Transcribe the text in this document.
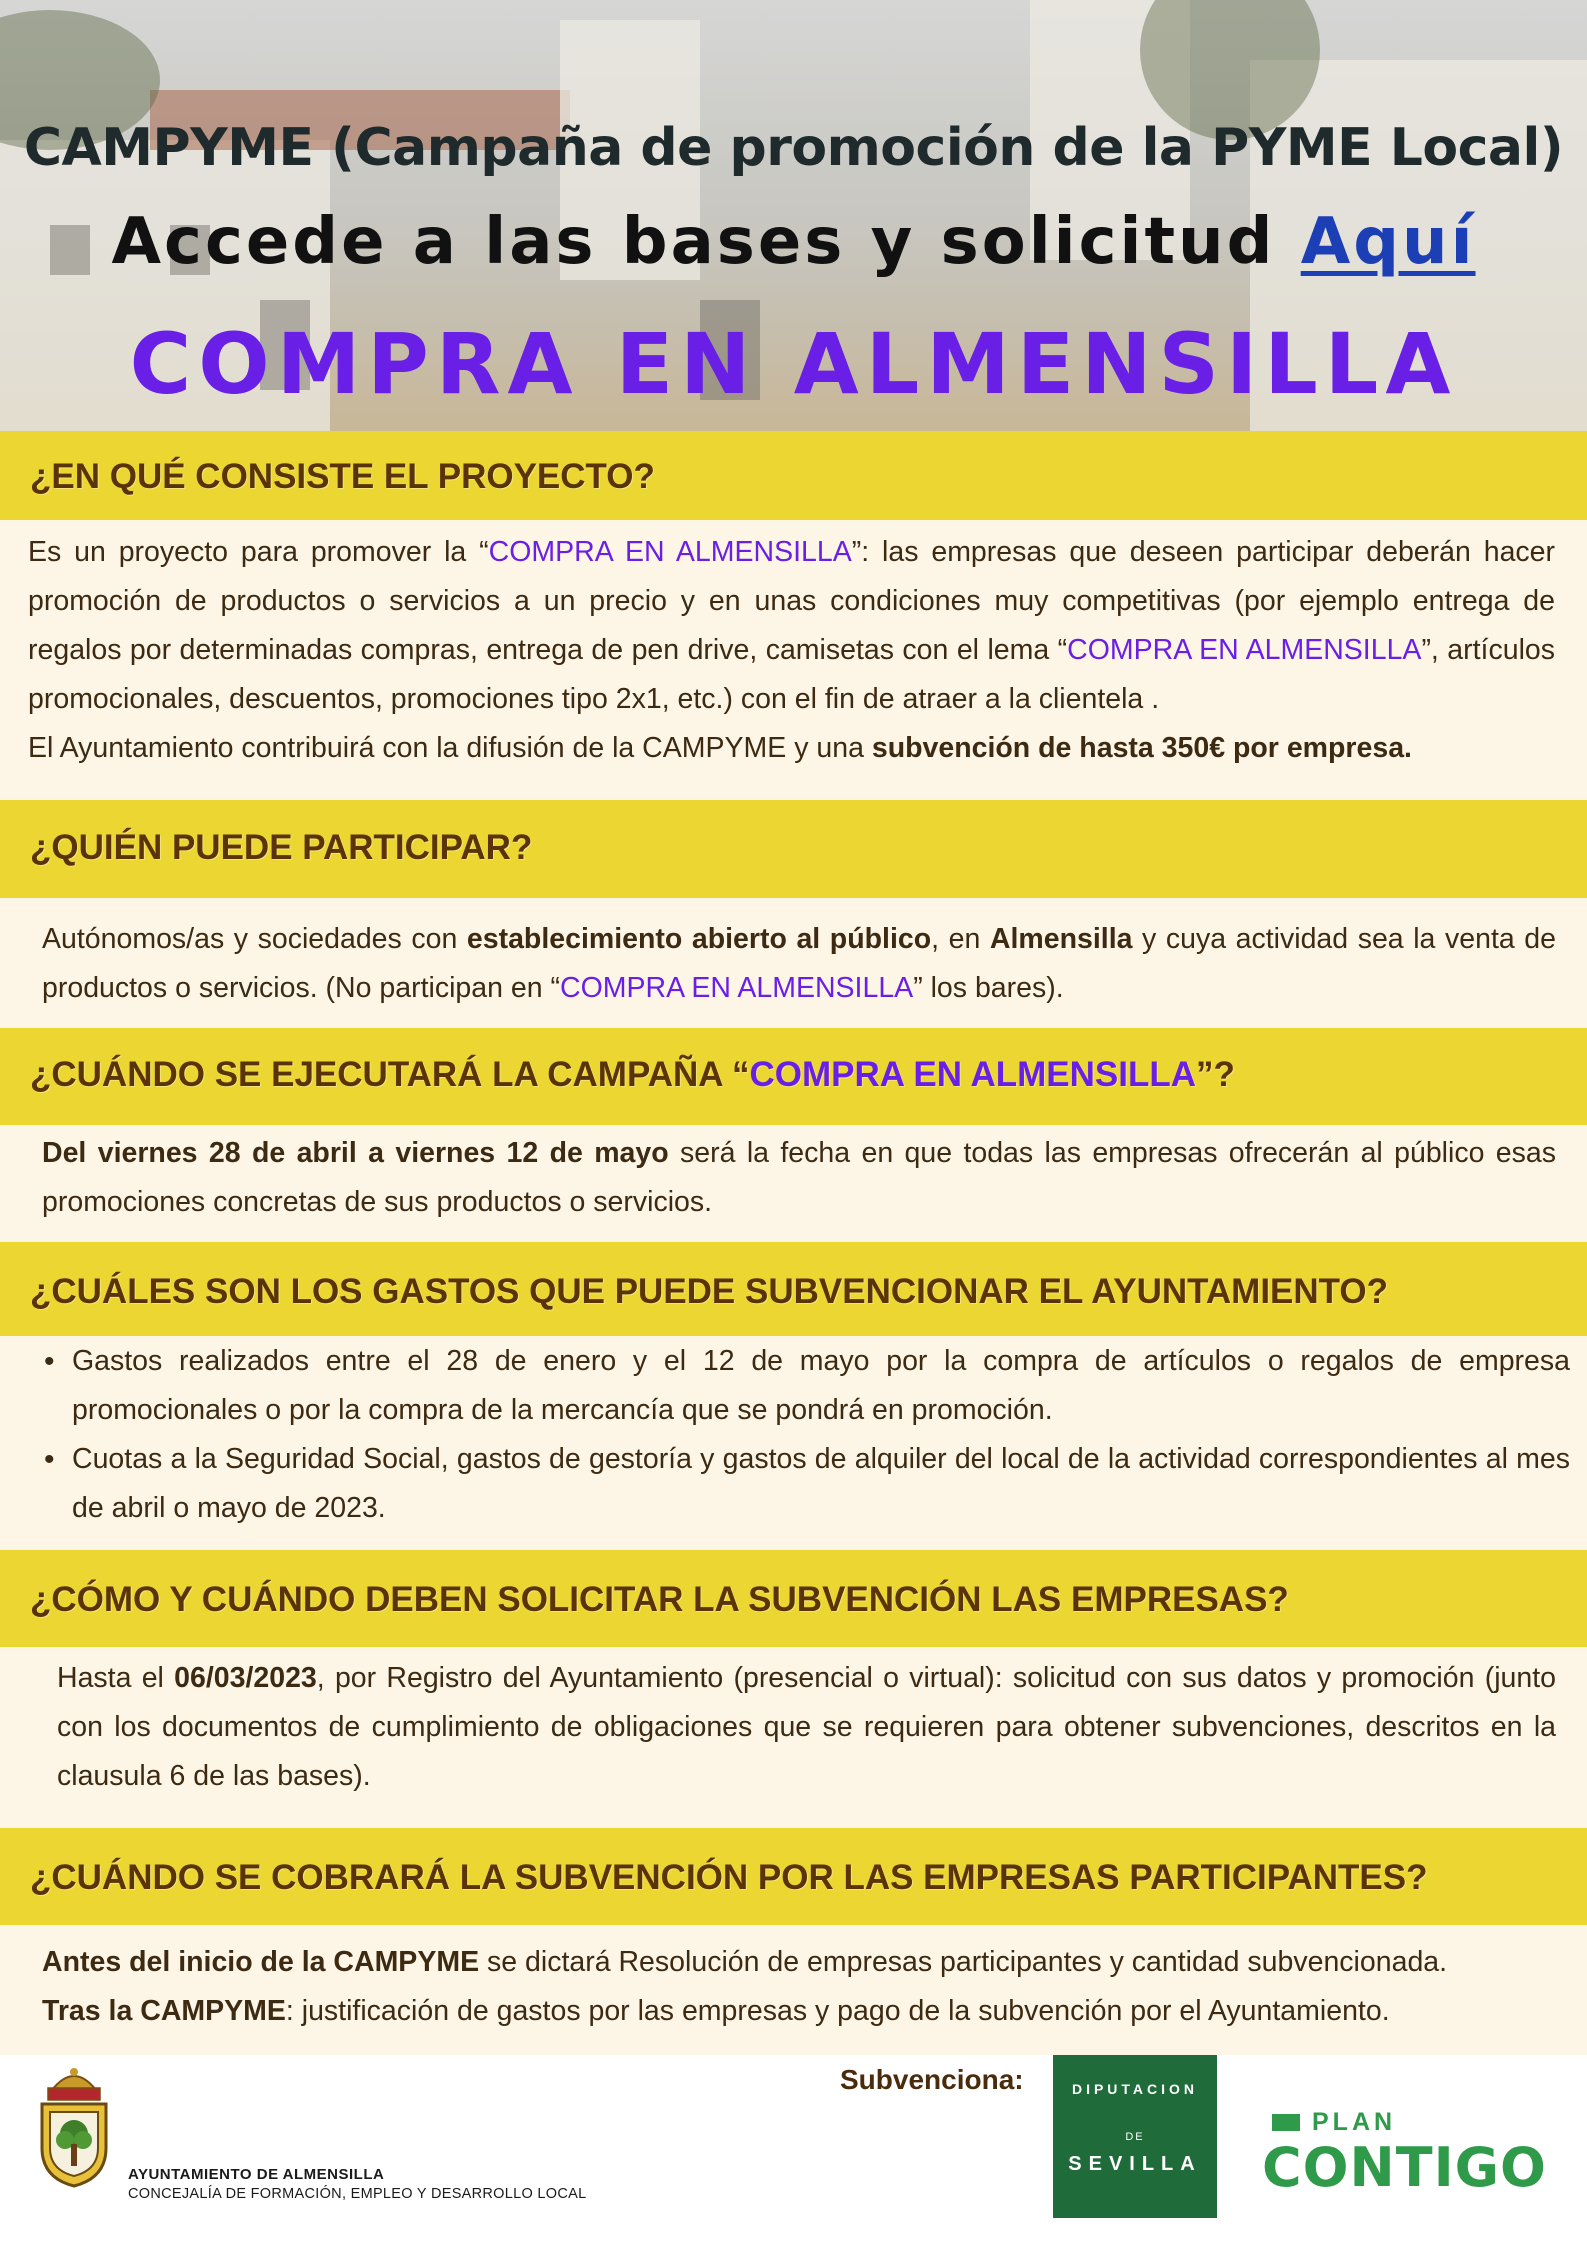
CAMPYME (Campaña de promoción de la PYME Local)
Accede a las bases y solicitud Aquí
COMPRA EN ALMENSILLA
¿EN QUÉ CONSISTE EL PROYECTO?
Es un proyecto para promover la “COMPRA EN ALMENSILLA”: las empresas que deseen participar deberán hacer promoción de productos o servicios a un precio y en unas condiciones muy competitivas (por ejemplo entrega de regalos por determinadas compras, entrega de pen drive, camisetas con el lema “COMPRA EN ALMENSILLA”, artículos promocionales, descuentos, promociones tipo 2x1, etc.) con el fin de atraer a la clientela .
El Ayuntamiento contribuirá con la difusión de la CAMPYME y una subvención de hasta 350€ por empresa.
¿QUIÉN PUEDE PARTICIPAR?
Autónomos/as y sociedades con establecimiento abierto al público, en Almensilla y cuya actividad sea la venta de productos o servicios. (No participan en “COMPRA EN ALMENSILLA” los bares).
¿CUÁNDO SE EJECUTARÁ LA CAMPAÑA “COMPRA EN ALMENSILLA”?
Del viernes 28 de abril a viernes 12 de mayo será la fecha en que todas las empresas ofrecerán al público esas promociones concretas de sus productos o servicios.
¿CUÁLES SON LOS GASTOS QUE PUEDE SUBVENCIONAR EL AYUNTAMIENTO?
• Gastos realizados entre el 28 de enero y el 12 de mayo por la compra de artículos o regalos de empresa promocionales o por la compra de la mercancía que se pondrá en promoción.
• Cuotas a la Seguridad Social, gastos de gestoría y gastos de alquiler del local de la actividad correspondientes al mes de abril o mayo de 2023.
¿CÓMO Y CUÁNDO DEBEN SOLICITAR LA SUBVENCIÓN LAS EMPRESAS?
Hasta el 06/03/2023, por Registro del Ayuntamiento (presencial o virtual): solicitud con sus datos y promoción (junto con los documentos de cumplimiento de obligaciones que se requieren para obtener subvenciones, descritos en la clausula 6 de las bases).
¿CUÁNDO SE COBRARÁ LA SUBVENCIÓN POR LAS EMPRESAS PARTICIPANTES?
Antes del inicio de la CAMPYME se dictará Resolución de empresas participantes y cantidad subvencionada.
Tras la CAMPYME: justificación de gastos por las empresas y pago de la subvención por el Ayuntamiento.
AYUNTAMIENTO DE ALMENSILLA
CONCEJALÍA DE FORMACIÓN, EMPLEO Y DESARROLLO LOCAL
Subvenciona:	DIPUTACION
DE
SEVILLA
PLAN
CONTIGO
